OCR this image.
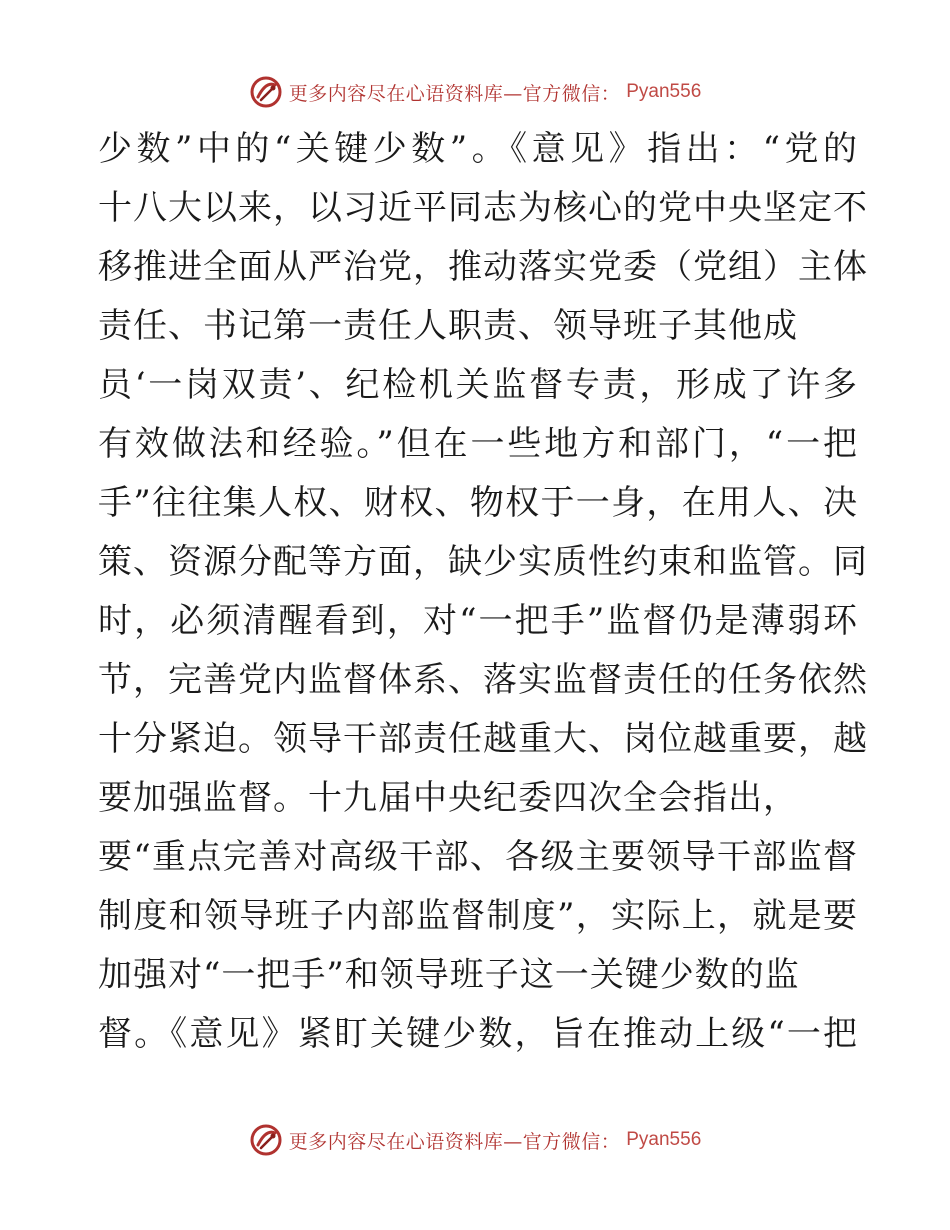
更多内容尽在心语资料库—官方微信： Pyan556
少数”中的“关键少数”。《意见》指出：“党的
十八大以来，以习近平同志为核心的党中央坚定不
移推进全面从严治党，推动落实党委（党组）主体
责任、书记第一责任人职责、领导班子其他成
员‘一岗双责’、纪检机关监督专责，形成了许多
有效做法和经验。”但在一些地方和部门，“一把
手”往往集人权、财权、物权于一身，在用人、决
策、资源分配等方面，缺少实质性约束和监管。同
时，必须清醒看到，对“一把手”监督仍是薄弱环
节，完善党内监督体系、落实监督责任的任务依然
十分紧迫。领导干部责任越重大、岗位越重要，越
要加强监督。十九届中央纪委四次全会指出，
要“重点完善对高级干部、各级主要领导干部监督
制度和领导班子内部监督制度”，实际上，就是要
加强对“一把手”和领导班子这一关键少数的监
督。《意见》紧盯关键少数，旨在推动上级“一把
更多内容尽在心语资料库—官方微信： Pyan556
